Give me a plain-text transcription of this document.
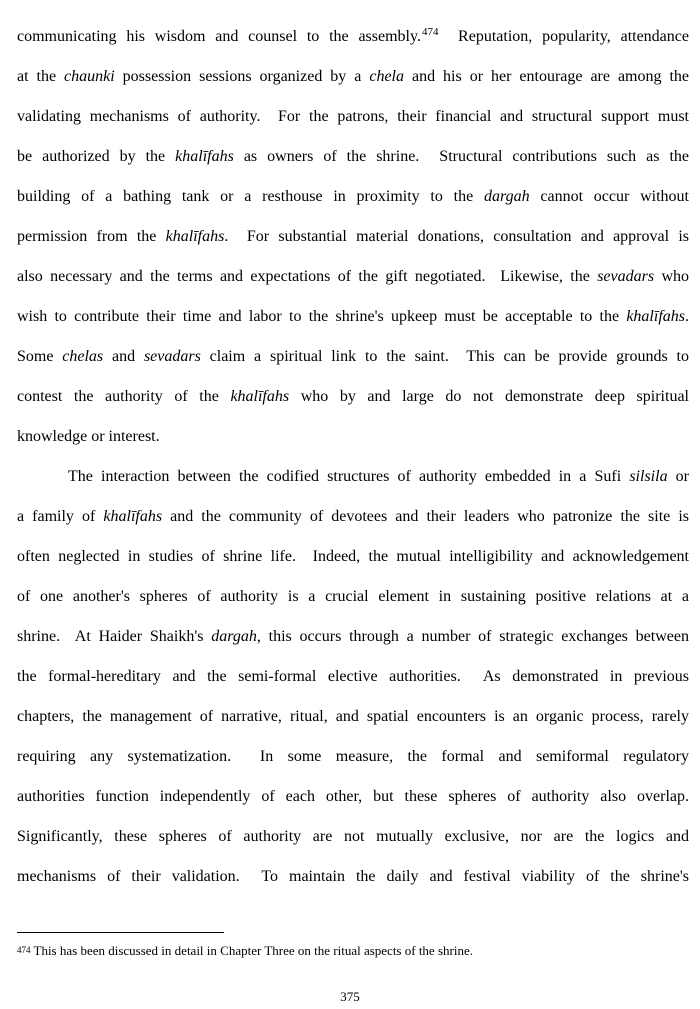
communicating his wisdom and counsel to the assembly.$^{474}$  Reputation, popularity, attendance
at the chaunki possession sessions organized by a chela and his or her entourage are among the
validating mechanisms of authority.  For the patrons, their financial and structural support must
be authorized by the khalīfahs as owners of the shrine.  Structural contributions such as the
building of a bathing tank or a resthouse in proximity to the dargah cannot occur without
permission from the khalīfahs.  For substantial material donations, consultation and approval is
also necessary and the terms and expectations of the gift negotiated.  Likewise, the sevadars who
wish to contribute their time and labor to the shrine's upkeep must be acceptable to the khalīfahs.
Some chelas and sevadars claim a spiritual link to the saint.  This can be provide grounds to
contest the authority of the khalīfahs who by and large do not demonstrate deep spiritual
knowledge or interest.
The interaction between the codified structures of authority embedded in a Sufi silsila or
a family of khalīfahs and the community of devotees and their leaders who patronize the site is
often neglected in studies of shrine life.  Indeed, the mutual intelligibility and acknowledgement
of one another's spheres of authority is a crucial element in sustaining positive relations at a
shrine.  At Haider Shaikh's dargah, this occurs through a number of strategic exchanges between
the formal-hereditary and the semi-formal elective authorities.  As demonstrated in previous
chapters, the management of narrative, ritual, and spatial encounters is an organic process, rarely
requiring any systematization.  In some measure, the formal and semiformal regulatory
authorities function independently of each other, but these spheres of authority also overlap.
Significantly, these spheres of authority are not mutually exclusive, nor are the logics and
mechanisms of their validation.  To maintain the daily and festival viability of the shrine's
$^{474}$ This has been discussed in detail in Chapter Three on the ritual aspects of the shrine.
375
